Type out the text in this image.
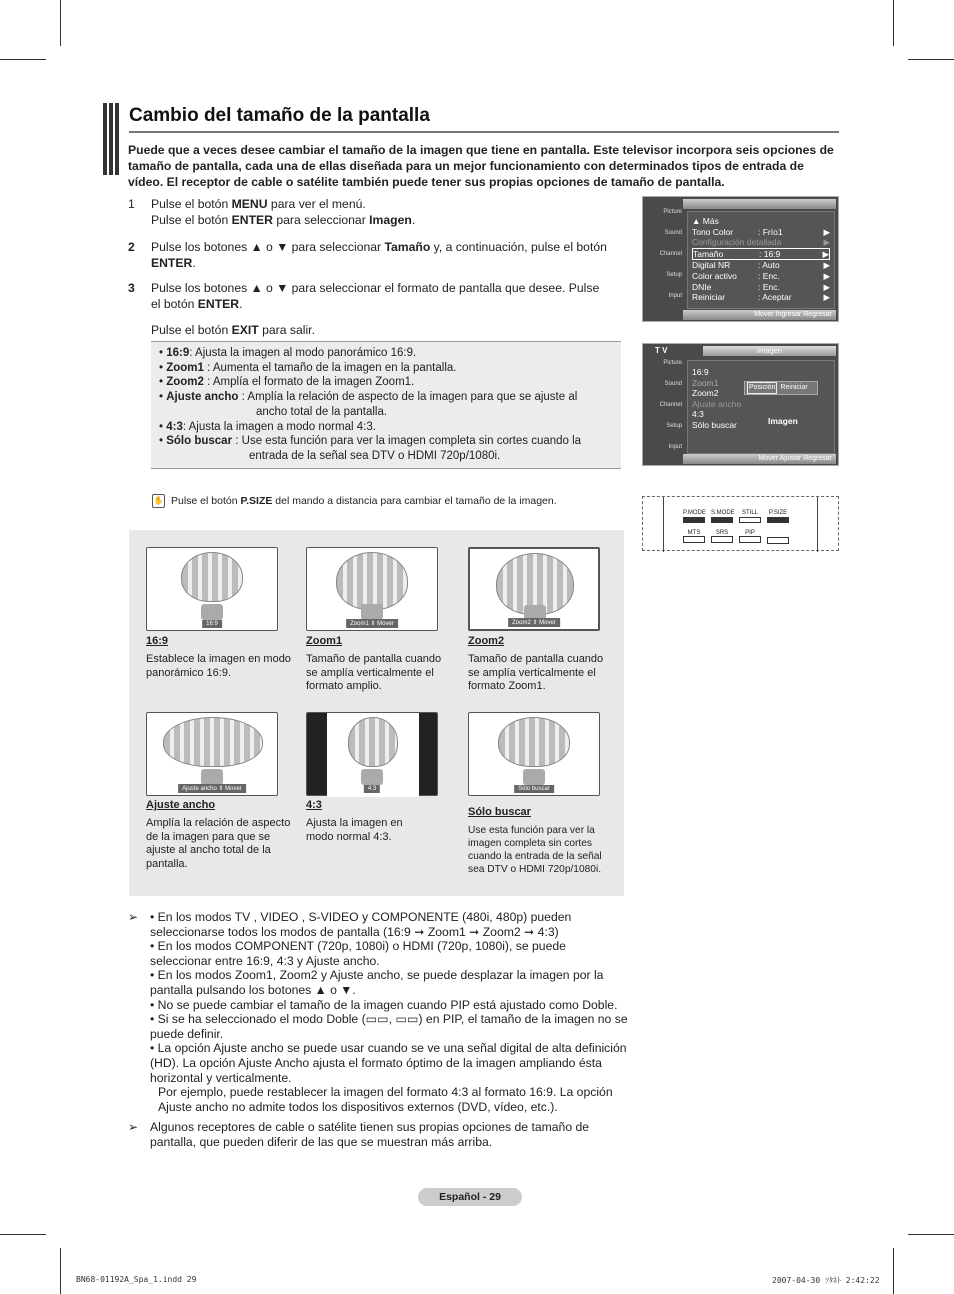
Cambio del tamaño de la pantalla
Puede que a veces desee cambiar el tamaño de la imagen que tiene en pantalla. Este televisor incorpora seis opciones de tamaño de pantalla, cada una de ellas diseñada para un mejor funcionamiento con determinados tipos de entrada de vídeo. El receptor de cable o satélite también puede tener sus propias opciones de tamaño de pantalla.
1 Pulse el botón MENU para ver el menú.
Pulse el botón ENTER para seleccionar Imagen.
2 Pulse los botones ▲ o ▼ para seleccionar Tamaño y, a continuación, pulse el botón ENTER.
3 Pulse los botones ▲ o ▼ para seleccionar el formato de pantalla que desee. Pulse el botón ENTER.
Pulse el botón EXIT para salir.
• 16:9: Ajusta la imagen al modo panorámico 16:9.
• Zoom1 : Aumenta el tamaño de la imagen en la pantalla.
• Zoom2 : Amplía el formato de la imagen Zoom1.
• Ajuste ancho : Amplía la relación de aspecto de la imagen para que se ajuste al
ancho total de la pantalla.
• 4:3: Ajusta la imagen a modo normal 4:3.
• Sólo buscar : Use esta función para ver la imagen completa sin cortes cuando la
entrada de la señal sea DTV o HDMI 720p/1080i.
✋ Pulse el botón P.SIZE del mando a distancia para cambiar el tamaño de la imagen.
Picture
Sound
Channel
Setup
Input
▲ Más
Tono Color	: Frío1	▶
Configuración detallada	▶
Tamaño	: 16:9	▶
Digital NR	: Auto	▶
Color activo	: Enc.	▶
DNIe	: Enc.	▶
Reiniciar	: Aceptar	▶
Mover Ingresar Regresar
T V	Imagen
Picture
Sound
Channel
Setup
Input
16:9
Zoom1
Zoom2
Ajuste ancho
4:3
Sólo buscar
Posición Reiniciar
Imagen
Mover Ajustar Regresar
P.MODE S.MODE	STILL	P.SIZE
MTS	SRS	PIP
16:9	Zoom1 ⇕ Mover	Zoom2 ⇕ Mover
16:9
Establece la imagen en modo panorámico 16:9.
Zoom1
Tamaño de pantalla cuando se amplía verticalmente el formato amplio.
Zoom2
Tamaño de pantalla cuando se amplía verticalmente el formato Zoom1.
Ajuste ancho ⇕ Mover	4:3	Sólo buscar
Ajuste ancho
Amplía la relación de aspecto de la imagen para que se ajuste al ancho total de la pantalla.
4:3
Ajusta la imagen en modo normal 4:3.
Sólo buscar
Use esta función para ver la imagen completa sin cortes cuando la entrada de la señal sea DTV o HDMI 720p/1080i.
➢ • En los modos TV , VIDEO , S-VIDEO y COMPONENTE (480i, 480p) pueden seleccionarse todos los modos de pantalla (16:9 ➞ Zoom1 ➞ Zoom2 ➞ 4:3)
• En los modos COMPONENT (720p, 1080i) o HDMI (720p, 1080i), se puede seleccionar entre 16:9, 4:3 y Ajuste ancho.
• En los modos Zoom1, Zoom2 y Ajuste ancho, se puede desplazar la imagen por la pantalla pulsando los botones ▲ o ▼.
• No se puede cambiar el tamaño de la imagen cuando PIP está ajustado como Doble.
• Si se ha seleccionado el modo Doble (▭▭, ▭▭) en PIP, el tamaño de la imagen no se puede definir.
• La opción Ajuste ancho se puede usar cuando se ve una señal digital de alta definición (HD). La opción Ajuste Ancho ajusta el formato óptimo de la imagen ampliando ésta horizontal y verticalmente.
Por ejemplo, puede restablecer la imagen del formato 4:3 al formato 16:9. La opción Ajuste ancho no admite todos los dispositivos externos (DVD, vídeo, etc.).
➢ Algunos receptores de cable o satélite tienen sus propias opciones de tamaño de pantalla, que pueden diferir de las que se muestran más arriba.
Español - 29
BN68-01192A_Spa_1.indd 29	2007-04-30 ｿﾀﾈﾄ 2:42:22
